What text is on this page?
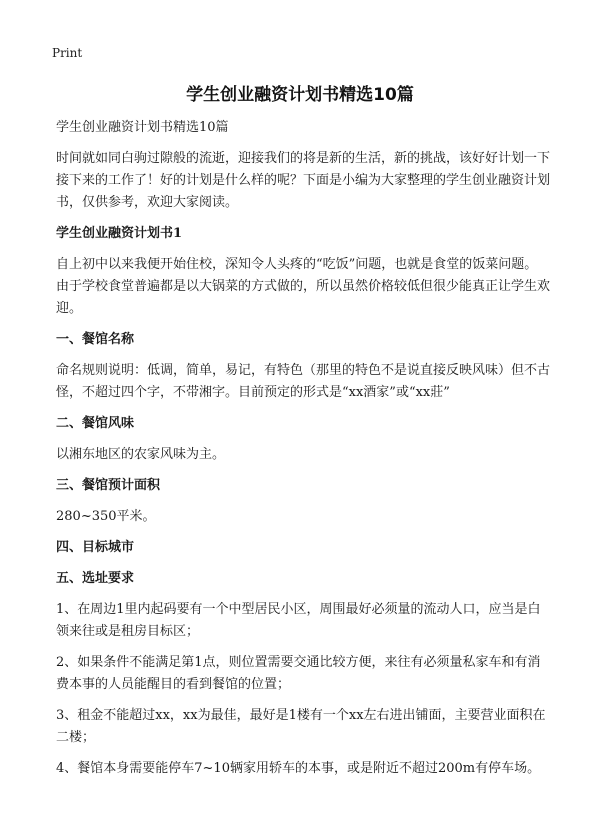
Print
学生创业融资计划书精选10篇

学生创业融资计划书精选10篇

时间就如同白驹过隙般的流逝，迎接我们的将是新的生活，新的挑战，该好好计划一下接下来的工作了！好的计划是什么样的呢？下面是小编为大家整理的学生创业融资计划书，仅供参考，欢迎大家阅读。

学生创业融资计划书1

自上初中以来我便开始住校，深知令人头疼的“吃饭”问题，也就是食堂的饭菜问题。由于学校食堂普遍都是以大锅菜的方式做的，所以虽然价格较低但很少能真正让学生欢迎。

一、餐馆名称

命名规则说明：低调，简单，易记，有特色（那里的特色不是说直接反映风味）但不古怪，不超过四个字，不带湘字。目前预定的形式是“xx酒家”或“xx莊”

二、餐馆风味

以湘东地区的农家风味为主。

三、餐馆预计面积

280~350平米。

四、目标城市
五、选址要求

1、在周边1里内起码要有一个中型居民小区，周围最好必须量的流动人口，应当是白领来往或是租房目标区；

2、如果条件不能满足第1点，则位置需要交通比较方便，来往有必须量私家车和有消费本事的人员能醒目的看到餐馆的位置；

3、租金不能超过xx，xx为最佳，最好是1楼有一个xx左右进出铺面，主要营业面积在二楼；

4、餐馆本身需要能停车7~10辆家用轿车的本事，或是附近不超过200m有停车场。
